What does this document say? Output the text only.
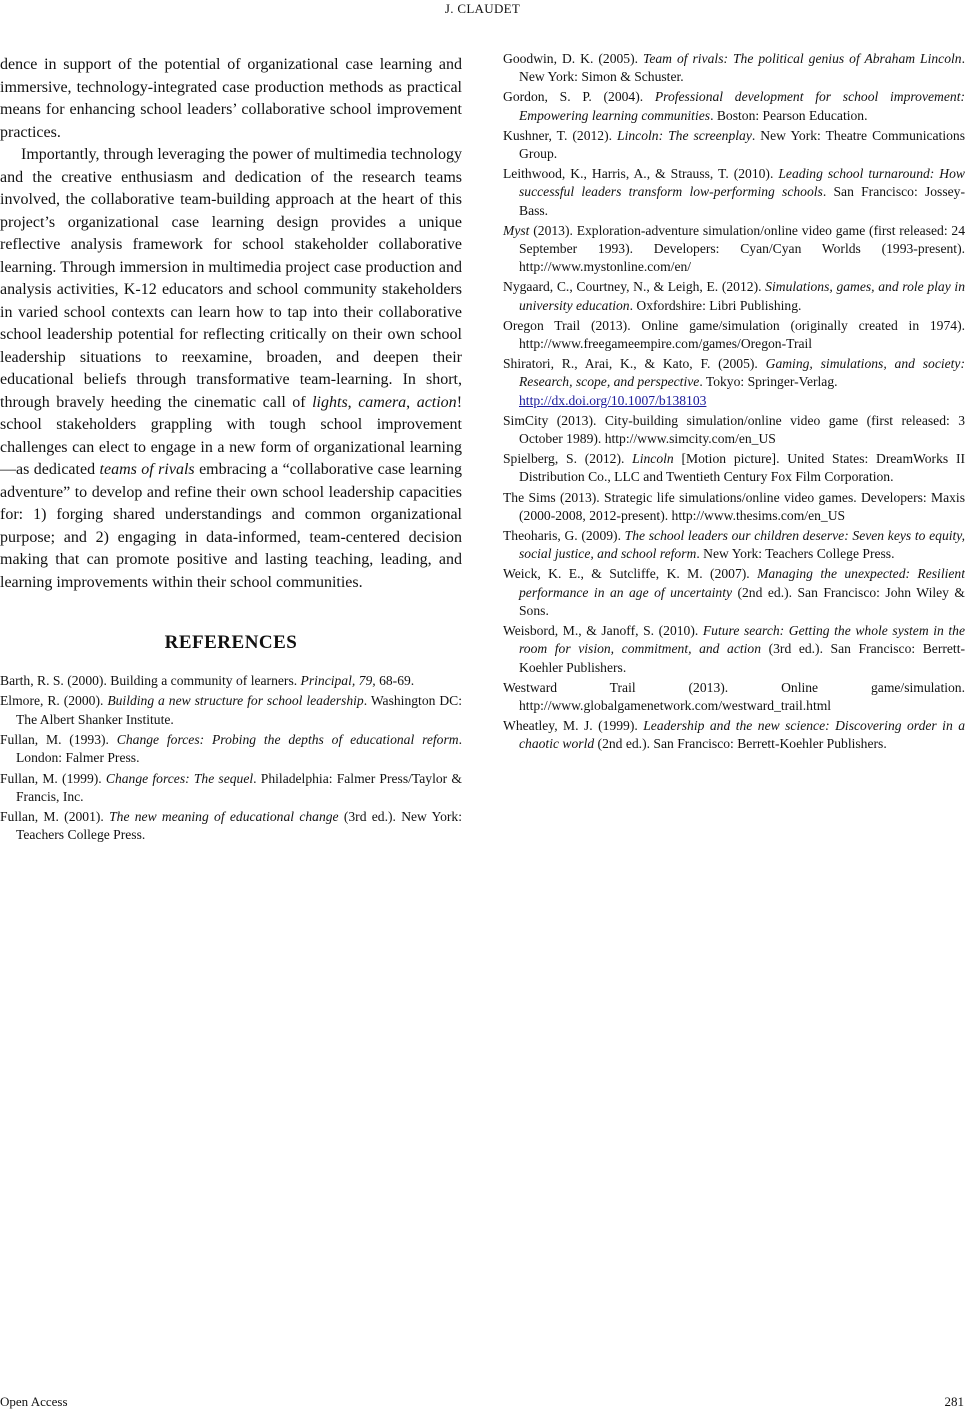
J. CLAUDET

dence in support of the potential of organizational case learning and immersive, technology-integrated case production methods as practical means for enhancing school leaders’ collaborative school improvement practices.

Importantly, through leveraging the power of multimedia technology and the creative enthusiasm and dedication of the research teams involved, the collaborative team-building approach at the heart of this project’s organizational case learning design provides a unique reflective analysis framework for school stakeholder collaborative learning. Through immersion in multimedia project case production and analysis activities, K-12 educators and school community stakeholders in varied school contexts can learn how to tap into their collaborative school leadership potential for reflecting critically on their own school leadership situations to reexamine, broaden, and deepen their educational beliefs through transformative team-learning. In short, through bravely heeding the cinematic call of lights, camera, action! school stakeholders grappling with tough school improvement challenges can elect to engage in a new form of organizational learning—as dedicated teams of rivals embracing a “collaborative case learning adventure” to develop and refine their own school leadership capacities for: 1) forging shared understandings and common organizational purpose; and 2) engaging in data-informed, team-centered decision making that can promote positive and lasting teaching, leading, and learning improvements within their school communities.

REFERENCES

Barth, R. S. (2000). Building a community of learners. Principal, 79, 68-69.

Elmore, R. (2000). Building a new structure for school leadership. Washington DC: The Albert Shanker Institute.

Fullan, M. (1993). Change forces: Probing the depths of educational reform. London: Falmer Press.

Fullan, M. (1999). Change forces: The sequel. Philadelphia: Falmer Press/Taylor & Francis, Inc.

Fullan, M. (2001). The new meaning of educational change (3rd ed.). New York: Teachers College Press.

Goodwin, D. K. (2005). Team of rivals: The political genius of Abraham Lincoln. New York: Simon & Schuster.

Gordon, S. P. (2004). Professional development for school improvement: Empowering learning communities. Boston: Pearson Education.

Kushner, T. (2012). Lincoln: The screenplay. New York: Theatre Communications Group.

Leithwood, K., Harris, A., & Strauss, T. (2010). Leading school turnaround: How successful leaders transform low-performing schools. San Francisco: Jossey-Bass.

Myst (2013). Exploration-adventure simulation/online video game (first released: 24 September 1993). Developers: Cyan/Cyan Worlds (1993-present). http://www.mystonline.com/en/

Nygaard, C., Courtney, N., & Leigh, E. (2012). Simulations, games, and role play in university education. Oxfordshire: Libri Publishing.

Oregon Trail (2013). Online game/simulation (originally created in 1974). http://www.freegameempire.com/games/Oregon-Trail

Shiratori, R., Arai, K., & Kato, F. (2005). Gaming, simulations, and society: Research, scope, and perspective. Tokyo: Springer-Verlag.
http://dx.doi.org/10.1007/b138103

SimCity (2013). City-building simulation/online video game (first released: 3 October 1989). http://www.simcity.com/en_US

Spielberg, S. (2012). Lincoln [Motion picture]. United States: DreamWorks II Distribution Co., LLC and Twentieth Century Fox Film Corporation.

The Sims (2013). Strategic life simulations/online video games. Developers: Maxis (2000-2008, 2012-present). http://www.thesims.com/en_US

Theoharis, G. (2009). The school leaders our children deserve: Seven keys to equity, social justice, and school reform. New York: Teachers College Press.

Weick, K. E., & Sutcliffe, K. M. (2007). Managing the unexpected: Resilient performance in an age of uncertainty (2nd ed.). San Francisco: John Wiley & Sons.

Weisbord, M., & Janoff, S. (2010). Future search: Getting the whole system in the room for vision, commitment, and action (3rd ed.). San Francisco: Berrett-Koehler Publishers.

Westward Trail (2013). Online game/simulation. http://www.globalgamenetwork.com/westward_trail.html

Wheatley, M. J. (1999). Leadership and the new science: Discovering order in a chaotic world (2nd ed.). San Francisco: Berrett-Koehler Publishers.

Open Access	281
